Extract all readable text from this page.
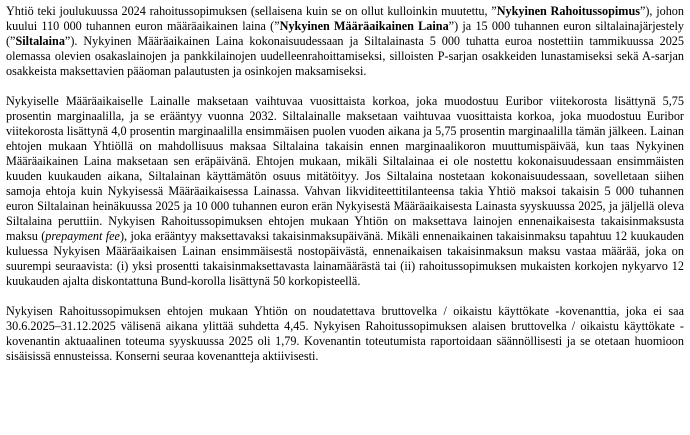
Yhtiö teki joulukuussa 2024 rahoitussopimuksen (sellaisena kuin se on ollut kulloinkin muutettu, ”Nykyinen Rahoitussopimus”), johon kuului 110 000 tuhannen euron määräaikainen laina (”Nykyinen Määräaikainen Laina”) ja 15 000 tuhannen euron siltalainajärjestely (”Siltalaina”). Nykyinen Määräaikainen Laina kokonaisuudessaan ja Siltalainasta 5 000 tuhatta euroa nostettiin tammikuussa 2025 olemassa olevien osakaslainojen ja pankkilainojen uudelleenrahoittamiseksi, silloisten P-sarjan osakkeiden lunastamiseksi sekä A-sarjan osakkeista maksettavien pääoman palautusten ja osinkojen maksamiseksi.

Nykyiselle Määräaikaiselle Lainalle maksetaan vaihtuvaa vuosittaista korkoa, joka muodostuu Euribor viitekorosta lisättynä 5,75 prosentin marginaalilla, ja se erääntyy vuonna 2032. Siltalainalle maksetaan vaihtuvaa vuosittaista korkoa, joka muodostuu Euribor viitekorosta lisättynä 4,0 prosentin marginaalilla ensimmäisen puolen vuoden aikana ja 5,75 prosentin marginaalilla tämän jälkeen. Lainan ehtojen mukaan Yhtiöllä on mahdollisuus maksaa Siltalaina takaisin ennen marginaalikoron muuttumispäivää, kun taas Nykyinen Määräaikainen Laina maksetaan sen eräpäivänä. Ehtojen mukaan, mikäli Siltalainaa ei ole nostettu kokonaisuudessaan ensimmäisten kuuden kuukauden aikana, Siltalainan käyttämätön osuus mitätöityy. Jos Siltalaina nostetaan kokonaisuudessaan, sovelletaan siihen samoja ehtoja kuin Nykyisessä Määräaikaisessa Lainassa. Vahvan likviditeettitilanteensa takia Yhtiö maksoi takaisin 5 000 tuhannen euron Siltalainan heinäkuussa 2025 ja 10 000 tuhannen euron erän Nykyisestä Määräaikaisesta Lainasta syyskuussa 2025, ja jäljellä oleva Siltalaina peruttiin. Nykyisen Rahoitussopimuksen ehtojen mukaan Yhtiön on maksettava lainojen ennenaikaisesta takaisinmaksusta maksu (prepayment fee), joka erääntyy maksettavaksi takaisinmaksupäivänä. Mikäli ennenaikainen takaisinmaksu tapahtuu 12 kuukauden kuluessa Nykyisen Määräaikaisen Lainan ensimmäisestä nostopäivästä, ennenaikaisen takaisinmaksun maksu vastaa määrää, joka on suurempi seuraavista: (i) yksi prosentti takaisinmaksettavasta lainamäärästä tai (ii) rahoitussopimuksen mukaisten korkojen nykyarvo 12 kuukauden ajalta diskontattuna Bund-korolla lisättynä 50 korkopisteellä.

Nykyisen Rahoitussopimuksen ehtojen mukaan Yhtiön on noudatettava bruttovelka / oikaistu käyttökate -kovenanttia, joka ei saa 30.6.2025–31.12.2025 välisenä aikana ylittää suhdetta 4,45. Nykyisen Rahoitussopimuksen alaisen bruttovelka / oikaistu käyttökate -kovenantin aktuaalinen toteuma syyskuussa 2025 oli 1,79. Kovenantin toteutumista raportoidaan säännöllisesti ja se otetaan huomioon sisäisissä ennusteissa. Konserni seuraa kovenantteja aktiivisesti.
